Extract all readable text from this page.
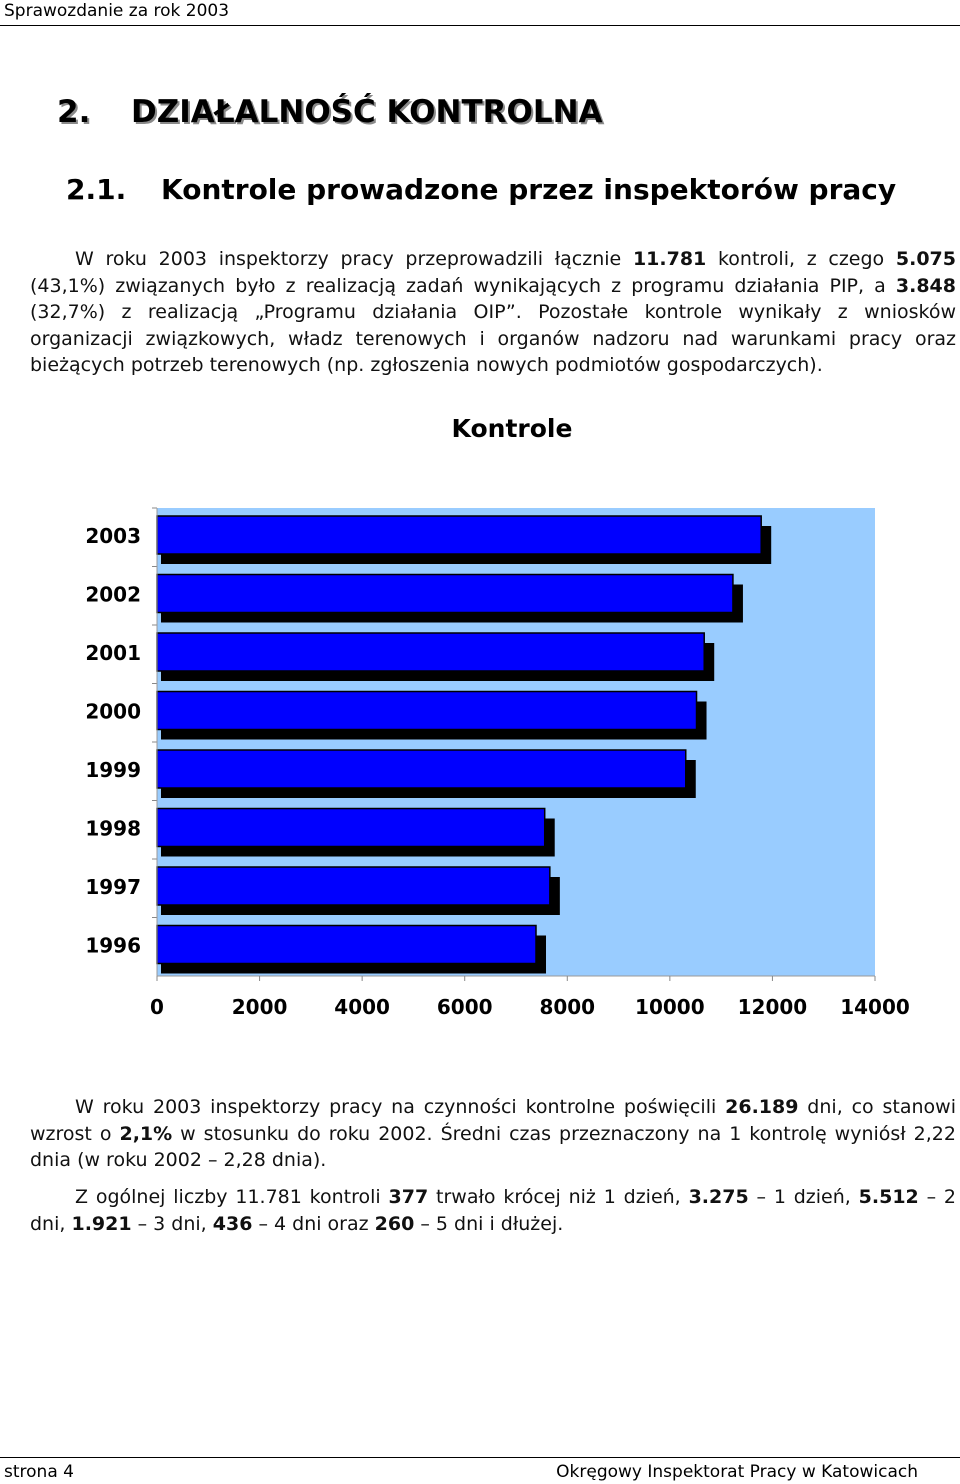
Sprawozdanie za rok 2003
2. DZIAŁALNOŚĆ KONTROLNA
2.1. Kontrole prowadzone przez inspektorów pracy
W roku 2003 inspektorzy pracy przeprowadzili łącznie 11.781 kontroli, z czego 5.075 (43,1%) związanych było z realizacją zadań wynikających z programu działania PIP, a 3.848 (32,7%) z realizacją „Programu działania OIP”. Pozostałe kontrole wynikały z wniosków organizacji związkowych, władz terenowych i organów nadzoru nad warunkami pracy oraz bieżących potrzeb terenowych (np. zgłoszenia nowych podmiotów gospodarczych).
Kontrole
2003
2002
2001
2000
1999
1998
1997
1996
0	2000 4000 6000 8000 10000 12000 14000
W roku 2003 inspektorzy pracy na czynności kontrolne poświęcili 26.189 dni, co stanowi wzrost o 2,1% w stosunku do roku 2002. Średni czas przeznaczony na 1 kontrolę wyniósł 2,22 dnia (w roku 2002 – 2,28 dnia).
Z ogólnej liczby 11.781 kontroli 377 trwało krócej niż 1 dzień, 3.275 – 1 dzień, 5.512 – 2 dni, 1.921 – 3 dni, 436 – 4 dni oraz 260 – 5 dni i dłużej.
strona 4	Okręgowy Inspektorat Pracy w Katowicach
